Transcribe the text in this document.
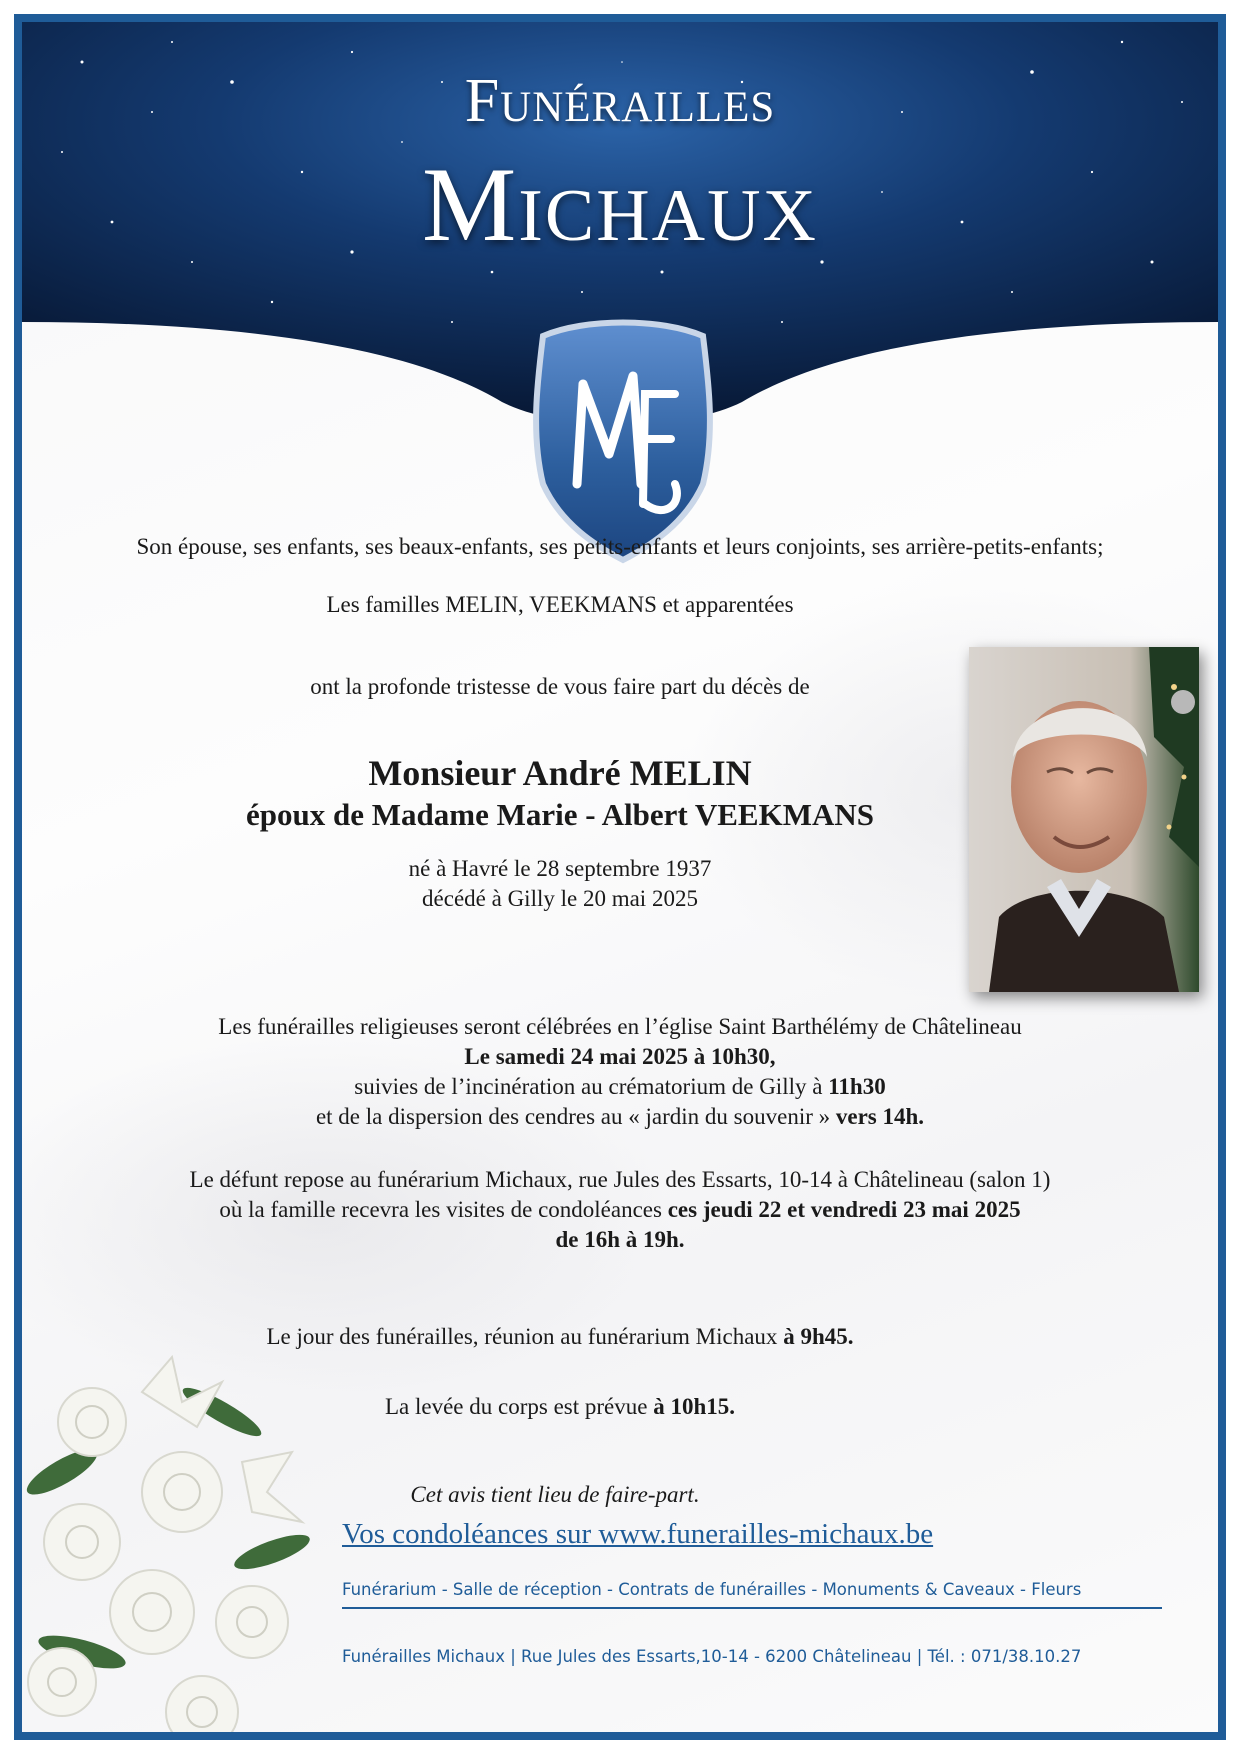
Funérailles
Michaux
Son épouse, ses enfants, ses beaux-enfants, ses petits-enfants et leurs conjoints, ses arrière-petits-enfants;
Les familles MELIN, VEEKMANS et apparentées
ont la profonde tristesse de vous faire part du décès de
Monsieur André MELIN
époux de Madame Marie - Albert VEEKMANS
né à Havré le 28 septembre 1937
décédé à Gilly le 20 mai 2025
Les funérailles religieuses seront célébrées en l’église Saint Barthélémy de Châtelineau
Le samedi 24 mai 2025 à 10h30,
suivies de l’incinération au crématorium de Gilly à 11h30
et de la dispersion des cendres au « jardin du souvenir » vers 14h.
Le défunt repose au funérarium Michaux, rue Jules des Essarts, 10-14 à Châtelineau (salon 1)
où la famille recevra les visites de condoléances ces jeudi 22 et vendredi 23 mai 2025
de 16h à 19h.
Le jour des funérailles, réunion au funérarium Michaux à 9h45.
La levée du corps est prévue à 10h15.
Cet avis tient lieu de faire-part.
Vos condoléances sur www.funerailles-michaux.be
Funérarium - Salle de réception - Contrats de funérailles - Monuments & Caveaux - Fleurs
Funérailles Michaux | Rue Jules des Essarts,10-14 - 6200 Châtelineau | Tél. : 071/38.10.27
